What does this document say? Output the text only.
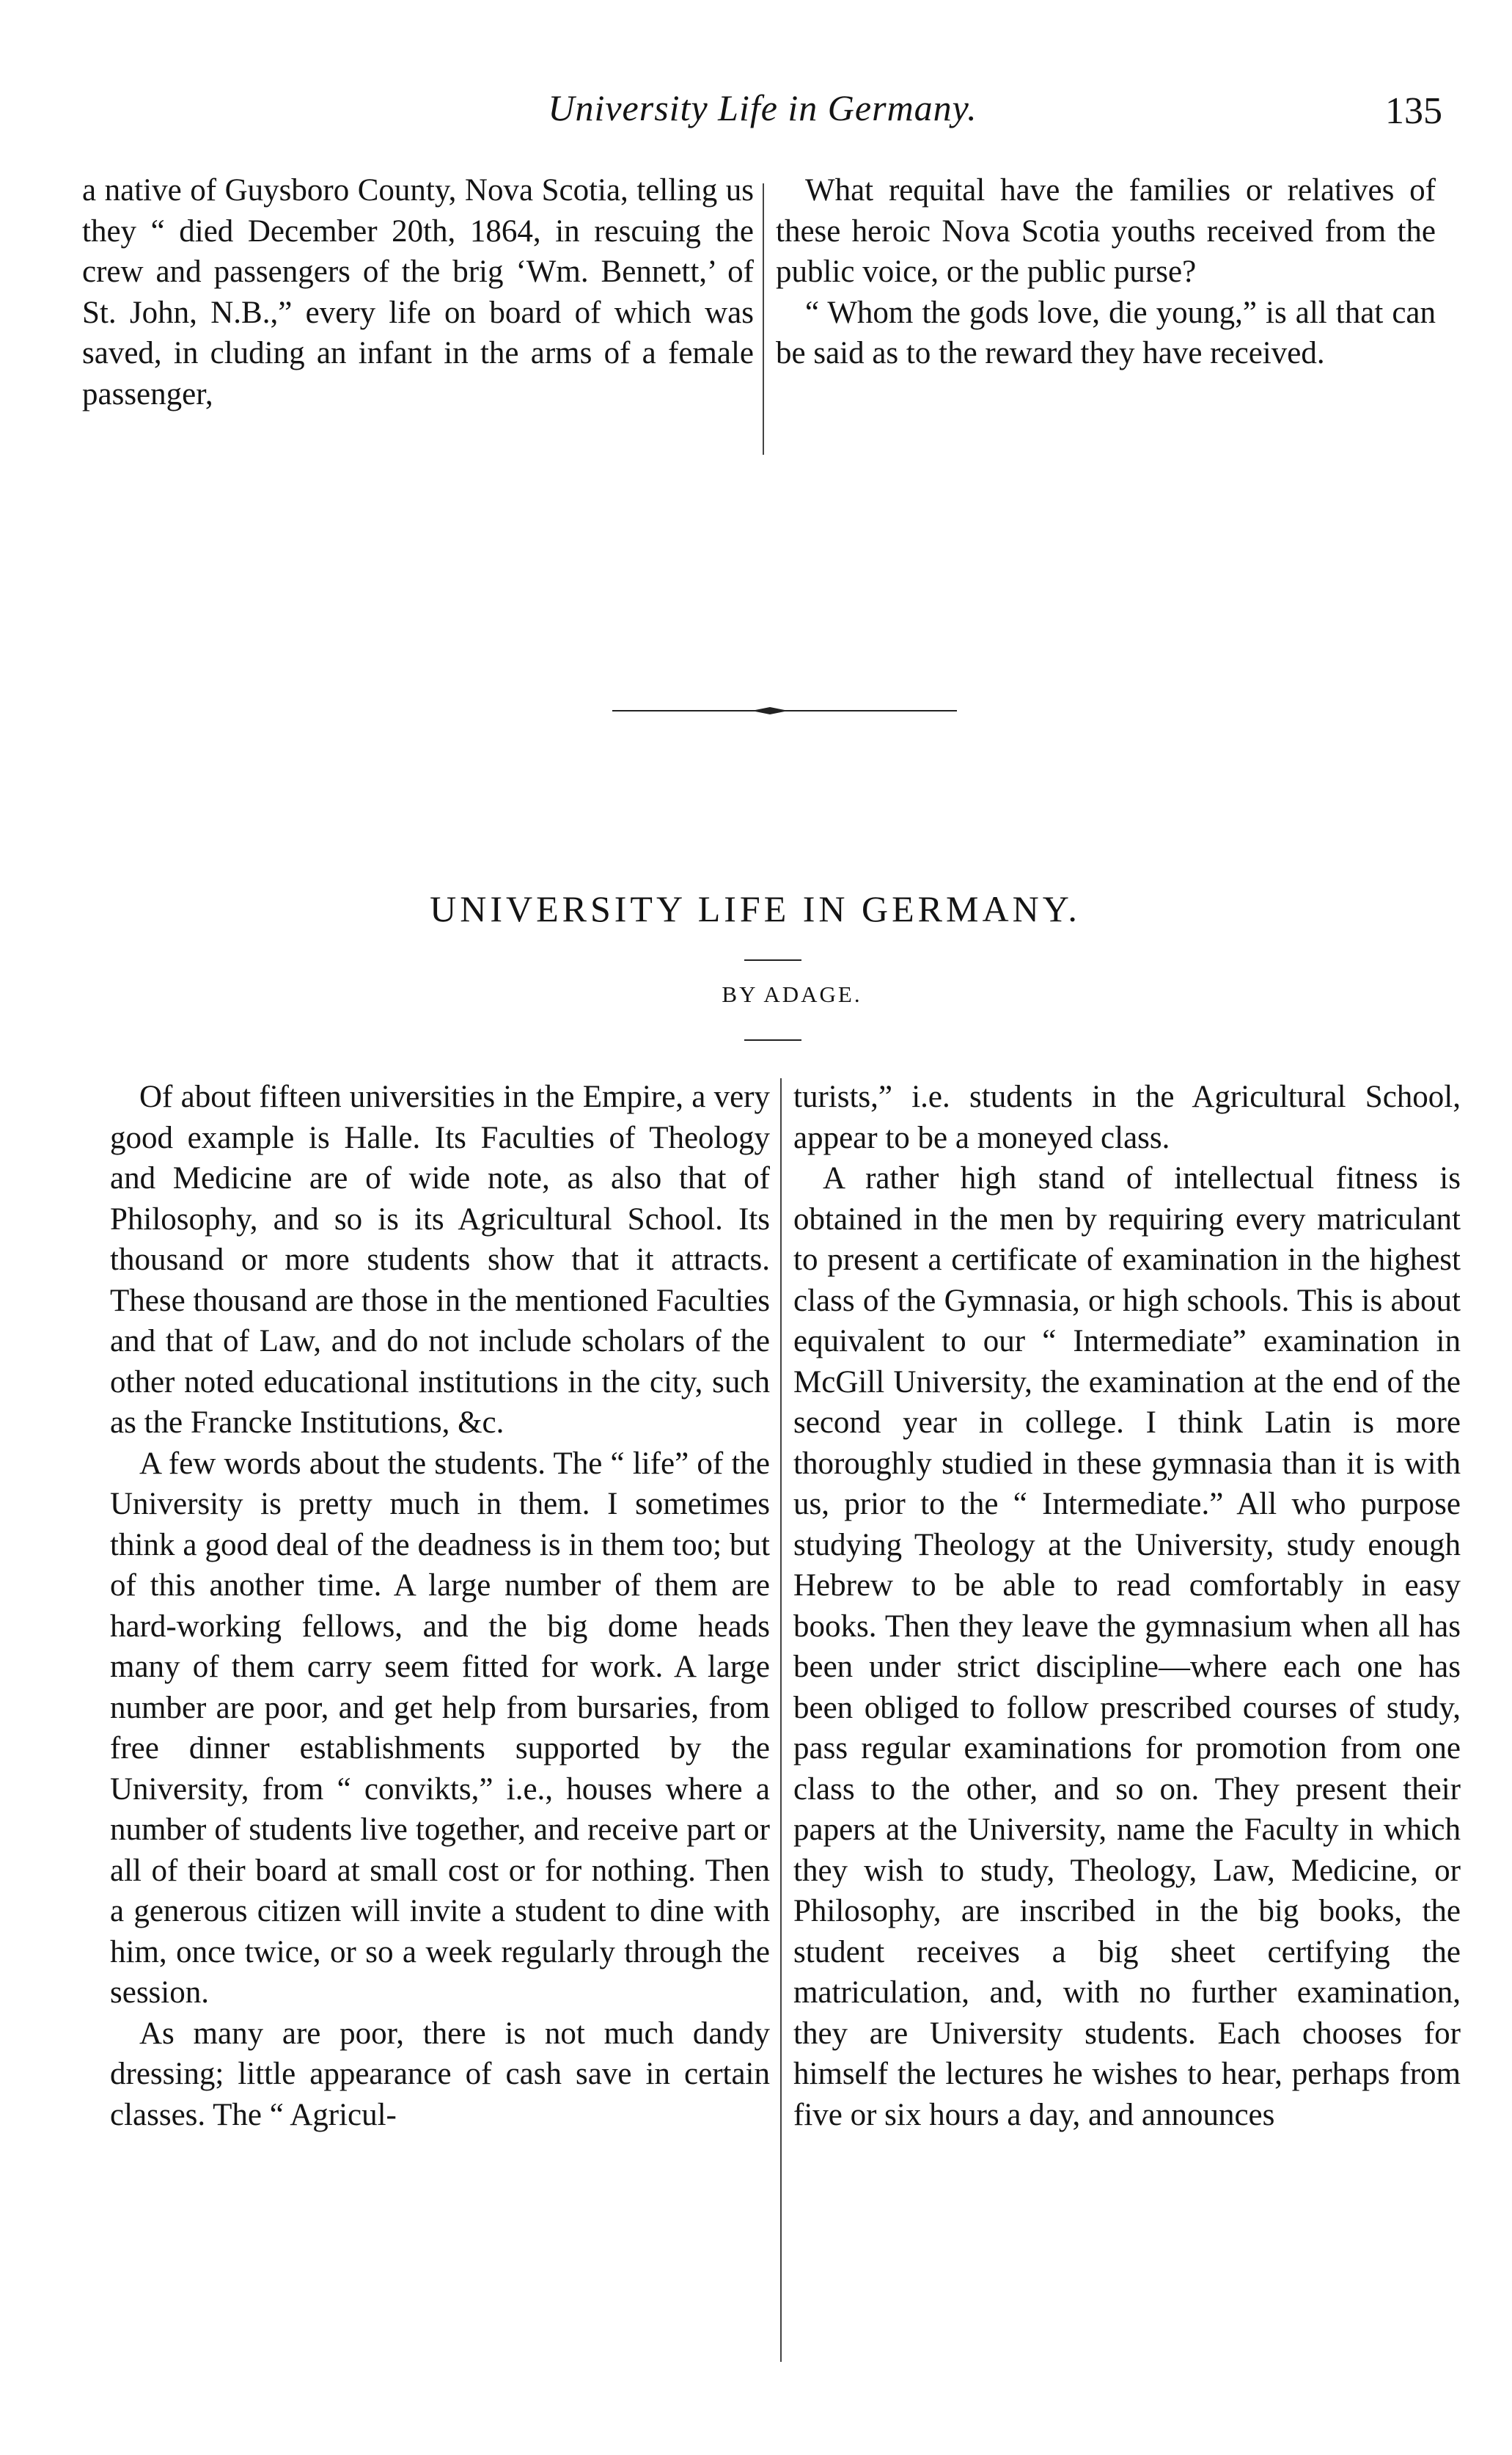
University Life in Germany.	135

a native of Guysboro County, Nova Scotia, telling us they “ died December 20th, 1864, in rescuing the crew and passengers of the brig ‘Wm. Bennett,’ of St. John, N.B.,” every life on board of which was saved, in cluding an infant in the arms of a female passenger,

What requital have the families or relatives of these heroic Nova Scotia youths received from the public voice, or the public purse?

“ Whom the gods love, die young,” is all that can be said as to the reward they have received.

UNIVERSITY LIFE IN GERMANY.
BY ADAGE.

Of about fifteen universities in the Empire, a very good example is Halle. Its Faculties of Theology and Medicine are of wide note, as also that of Philosophy, and so is its Agricultural School. Its thousand or more students show that it attracts. These thousand are those in the mentioned Faculties and that of Law, and do not include scholars of the other noted educational institutions in the city, such as the Francke Institutions, &c.

A few words about the students. The “ life” of the University is pretty much in them. I sometimes think a good deal of the deadness is in them too; but of this another time. A large number of them are hard-working fellows, and the big dome heads many of them carry seem fitted for work. A large number are poor, and get help from bursaries, from free dinner establishments supported by the University, from “ convikts,” i.e., houses where a number of students live together, and receive part or all of their board at small cost or for nothing. Then a generous citizen will invite a student to dine with him, once twice, or so a week regularly through the session.

As many are poor, there is not much dandy dressing; little appearance of cash save in certain classes. The “ Agricul-

turists,” i.e. students in the Agricultural School, appear to be a moneyed class.

A rather high stand of intellectual fitness is obtained in the men by requiring every matriculant to present a certificate of examination in the highest class of the Gymnasia, or high schools. This is about equivalent to our “ Intermediate” examination in McGill University, the examination at the end of the second year in college. I think Latin is more thoroughly studied in these gymnasia than it is with us, prior to the “ Intermediate.” All who purpose studying Theology at the University, study enough Hebrew to be able to read comfortably in easy books. Then they leave the gymnasium when all has been under strict discipline—where each one has been obliged to follow prescribed courses of study, pass regular examinations for promotion from one class to the other, and so on. They present their papers at the University, name the Faculty in which they wish to study, Theology, Law, Medicine, or Philosophy, are inscribed in the big books, the student receives a big sheet certifying the matriculation, and, with no further examination, they are University students. Each chooses for himself the lectures he wishes to hear, perhaps from five or six hours a day, and announces
